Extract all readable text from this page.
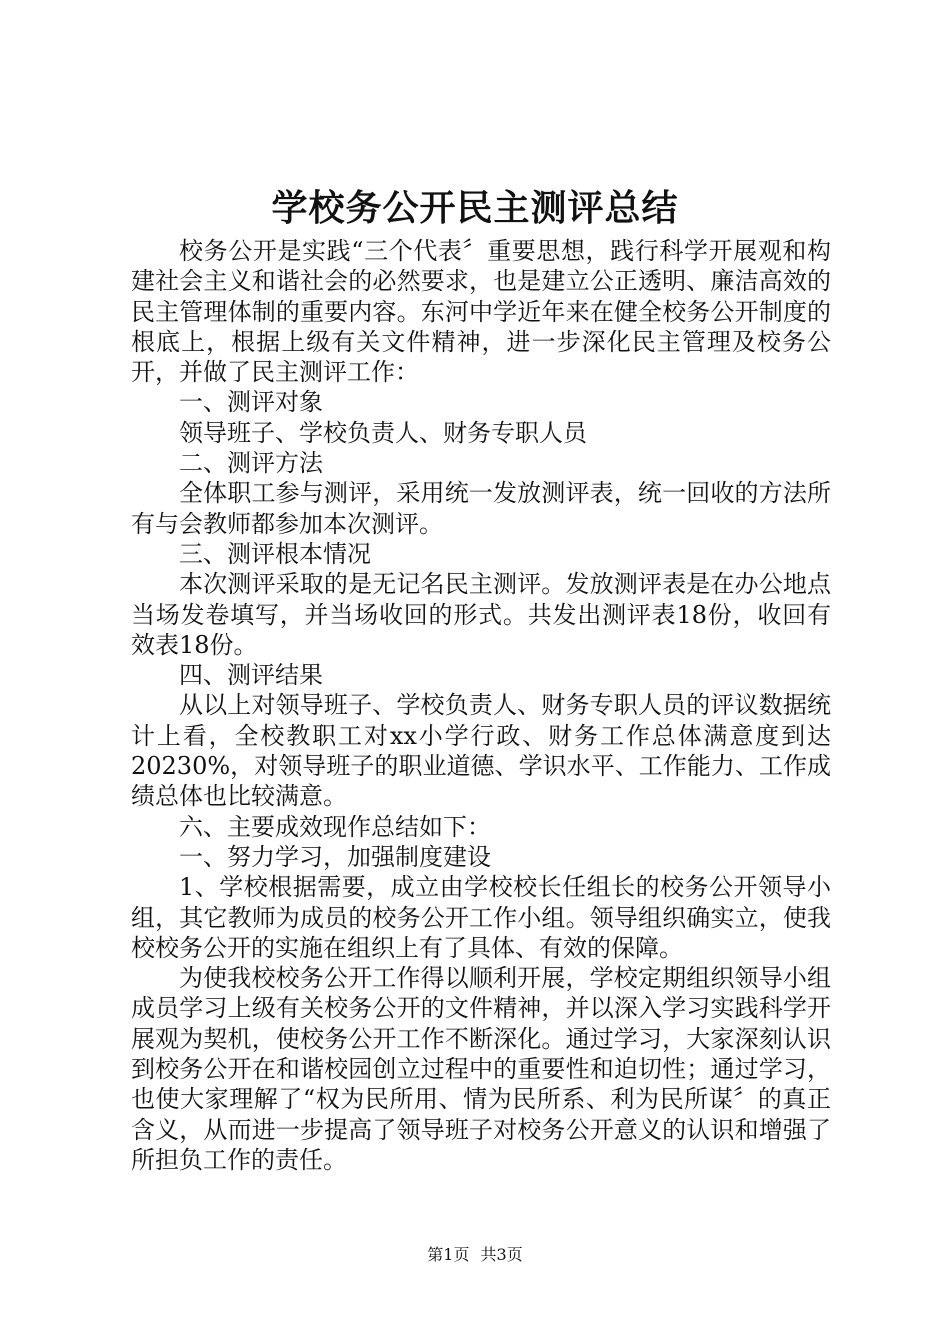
学校务公开民主测评总结

校务公开是实践“三个代表〞重要思想，践行科学开展观和构建社会主义和谐社会的必然要求，也是建立公正透明、廉洁高效的民主管理体制的重要内容。东河中学近年来在健全校务公开制度的根底上，根据上级有关文件精神，进一步深化民主管理及校务公开，并做了民主测评工作：

一、测评对象

领导班子、学校负责人、财务专职人员

二、测评方法

全体职工参与测评，采用统一发放测评表，统一回收的方法所有与会教师都参加本次测评。

三、测评根本情况

本次测评采取的是无记名民主测评。发放测评表是在办公地点当场发卷填写，并当场收回的形式。共发出测评表18份，收回有效表18份。

四、测评结果

从以上对领导班子、学校负责人、财务专职人员的评议数据统计上看，全校教职工对xx小学行政、财务工作总体满意度到达20230%，对领导班子的职业道德、学识水平、工作能力、工作成绩总体也比较满意。

六、主要成效现作总结如下：

一、努力学习，加强制度建设

1、学校根据需要，成立由学校校长任组长的校务公开领导小组，其它教师为成员的校务公开工作小组。领导组织确实立，使我校校务公开的实施在组织上有了具体、有效的保障。

为使我校校务公开工作得以顺利开展，学校定期组织领导小组成员学习上级有关校务公开的文件精神，并以深入学习实践科学开展观为契机，使校务公开工作不断深化。通过学习，大家深刻认识到校务公开在和谐校园创立过程中的重要性和迫切性；通过学习，也使大家理解了“权为民所用、情为民所系、利为民所谋〞的真正含义，从而进一步提高了领导班子对校务公开意义的认识和增强了所担负工作的责任。

第1页 共3页
